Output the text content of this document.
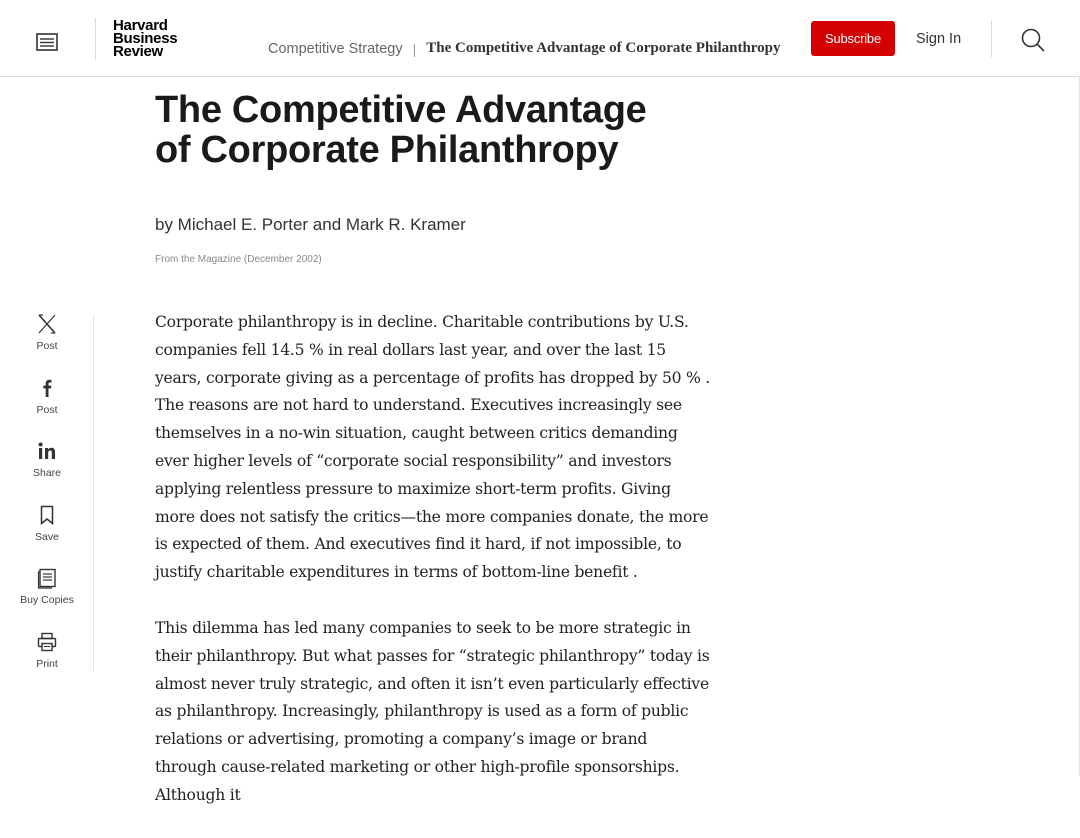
Harvard
Business
Review	Competitive Strategy | The Competitive Advantage of Corporate Philanthropy
Subscribe	Sign In
The Competitive Advantage of Corporate Philanthropy
by Michael E. Porter and Mark R. Kramer
From the Magazine (December 2002)
Post
Post
Share
Save
Buy Copies
Print

Corporate philanthropy is in decline. Charitable contributions by U.S. companies fell 14.5 % in real dollars last year, and over the last 15 years, corporate giving as a percentage of profits has dropped by 50 % . The reasons are not hard to understand. Executives increasingly see themselves in a no-win situation, caught between critics demanding ever higher levels of “corporate social responsibility” and investors applying relentless pressure to maximize short-term profits. Giving more does not satisfy the critics—the more companies donate, the more is expected of them. And executives find it hard, if not impossible, to justify charitable expenditures in terms of bottom-line benefit .

This dilemma has led many companies to seek to be more strategic in their philanthropy. But what passes for “strategic philanthropy” today is almost never truly strategic, and often it isn’t even particularly effective as philanthropy. Increasingly, philanthropy is used as a form of public relations or advertising, promoting a company’s image or brand through cause-related marketing or other high-profile sponsorships. Although it
